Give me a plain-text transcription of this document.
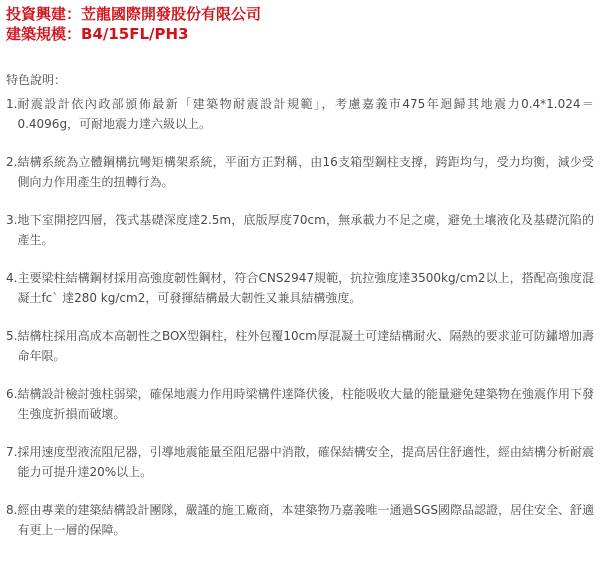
投資興建：苙龍國際開發股份有限公司
建築規模：B4/15FL/PH3
特色說明：
1. 耐震設計依內政部頒佈最新「建築物耐震設計規範」，考慮嘉義市475年迴歸其地震力0.4*1.024＝0.4096g，可耐地震力達六級以上。
2. 結構系統為立體鋼構抗彎矩構架系統，平面方正對稱，由16支箱型鋼柱支撐，跨距均勻，受力均衡，減少受側向力作用產生的扭轉行為。
3. 地下室開挖四層，筏式基礎深度達2.5m，底版厚度70cm，無承載力不足之虞，避免土壤液化及基礎沉陷的產生。
4. 主要梁柱結構鋼材採用高強度韌性鋼材，符合CNS2947規範，抗拉強度達3500kg/cm2以上，搭配高強度混凝土fc` 達280 kg/cm2，可發揮結構最大韌性又兼具結構強度。
5. 結構柱採用高成本高韌性之BOX型鋼柱，柱外包覆10cm厚混凝土可達結構耐火、隔熱的要求並可防鏽增加壽命年限。
6. 結構設計檢討強柱弱梁，確保地震力作用時梁構件達降伏後，柱能吸收大量的能量避免建築物在強震作用下發生強度折損而破壞。
7. 採用速度型液流阻尼器，引導地震能量至阻尼器中消散，確保結構安全，提高居住舒適性，經由結構分析耐震能力可提升達20%以上。
8. 經由專業的建築結構設計團隊，嚴謹的施工廠商，本建築物乃嘉義唯一通過SGS國際品認證，居住安全、舒適有更上一層的保障。
